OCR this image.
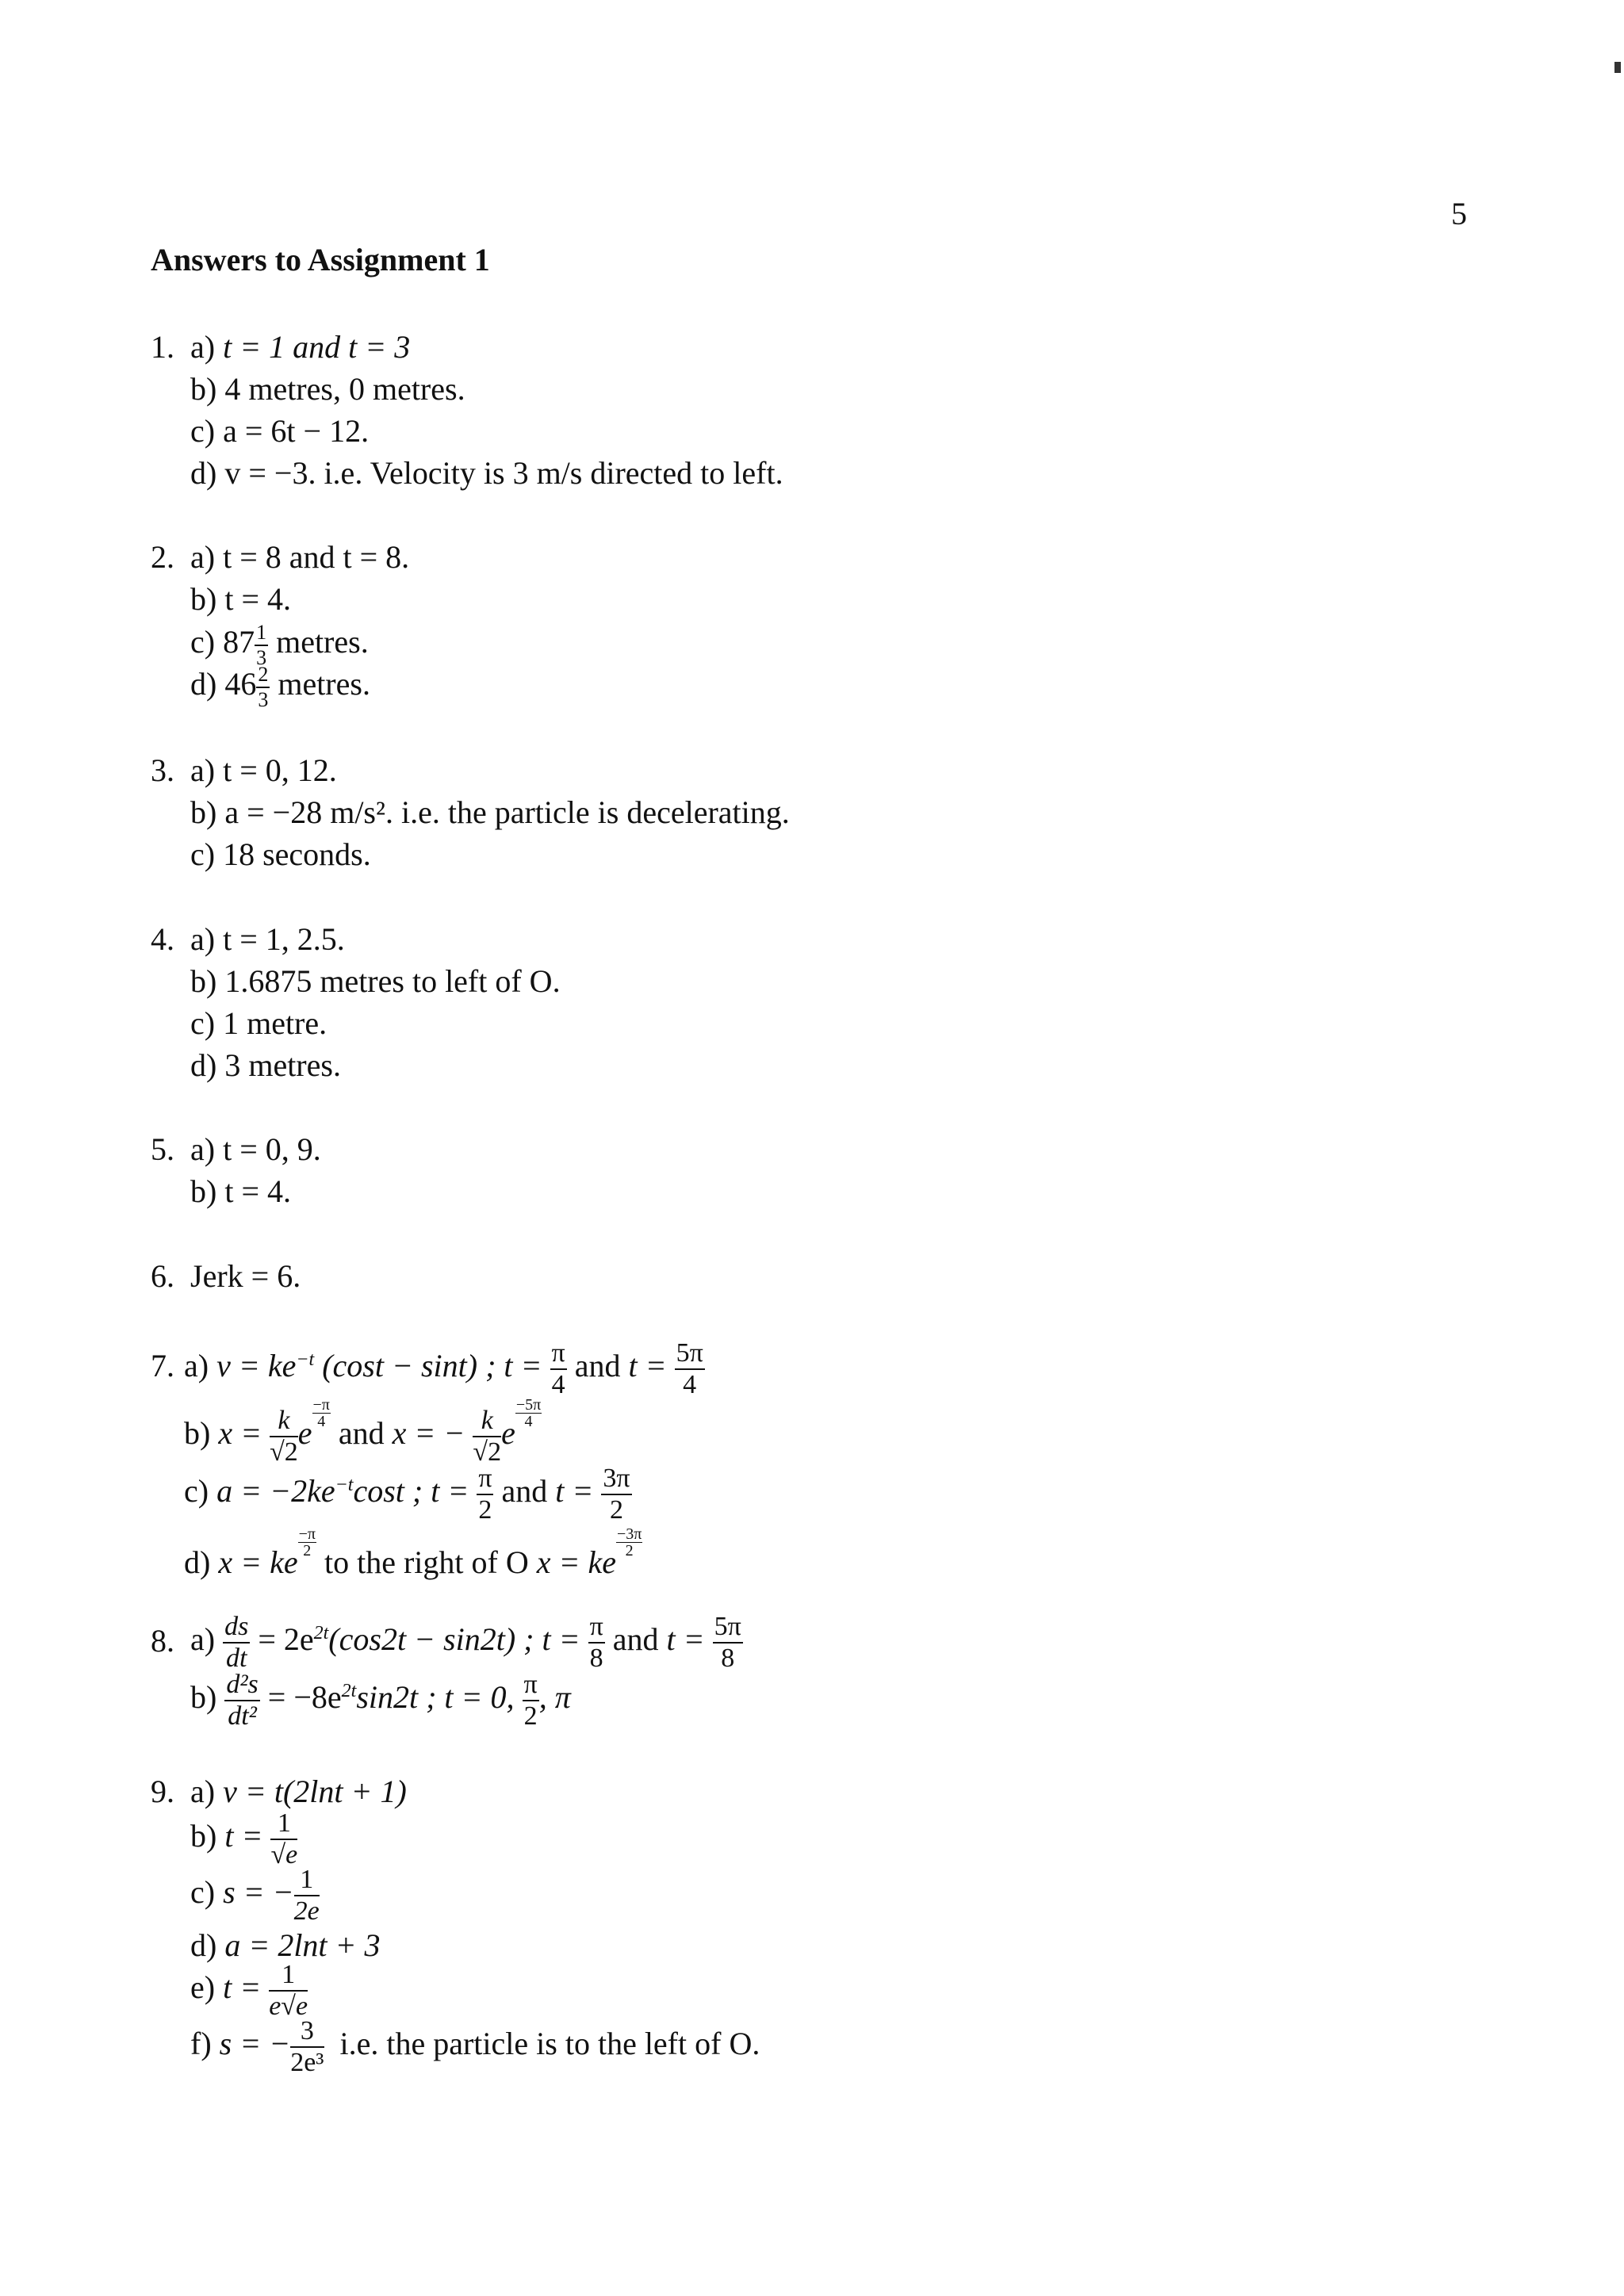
5
Answers to Assignment 1
1. a) t = 1 and t = 3
b) 4 metres, 0 metres.
c) a = 6t − 12.
d) v = −3. i.e. Velocity is 3 m/s directed to left.
2. a) t = 8 and t = 8.
b) t = 4.
c) $87 \frac{1}{3}$ metres.
d) $46 \frac{2}{3}$ metres.
3. a) t = 0, 12.
b) a = −28 m/s². i.e. the particle is decelerating.
c) 18 seconds.
4. a) t = 1, 2.5.
b) 1.6875 metres to left of O.
c) 1 metre.
d) 3 metres.
5. a) t = 0, 9.
b) t = 4.
6. Jerk = 6.
7. a) $v = ke^{-t}$ (cost − sint) ; $t = \frac{\pi}{4}$ and $t = \frac{5\pi}{4}$
b) $x = \frac{k}{√2}$ e
$\frac{-\pi}{4}$
and x = − $\frac{k}{√2}$ e
$\frac{-5\pi}{4}$
c) $a = -2ke^{-t}\cos t$ ; $t = \frac{\pi}{2}$ and $t = \frac{3\pi}{2}$
d) x = ke
$\frac{-\pi}{2}$
to the right of O x = ke
$\frac{-3\pi}{2}$
8. $a) \frac{ds}{dt} = 2e^{2t}(\cos 2t - \sin 2t)$ ; $t = \frac{\pi}{8}$ and $t = \frac{5\pi}{8}$
$b) \frac{\text{d²s}}{\text{dt²}} = -8e^{2t}\sin 2t$ ; t = 0, $\frac{\pi}{2}$ , π
9. a) v = t(2lnt + 1)
b) $t = \frac{1}{√e}$
c) s = − $\frac{1}{2e}$
d) a = 2lnt + 3
e) $t = \frac{1}{e√e}$
f) s = − $\frac{3}{\text{2e³}} i.e$. the particle is to the left of O.
